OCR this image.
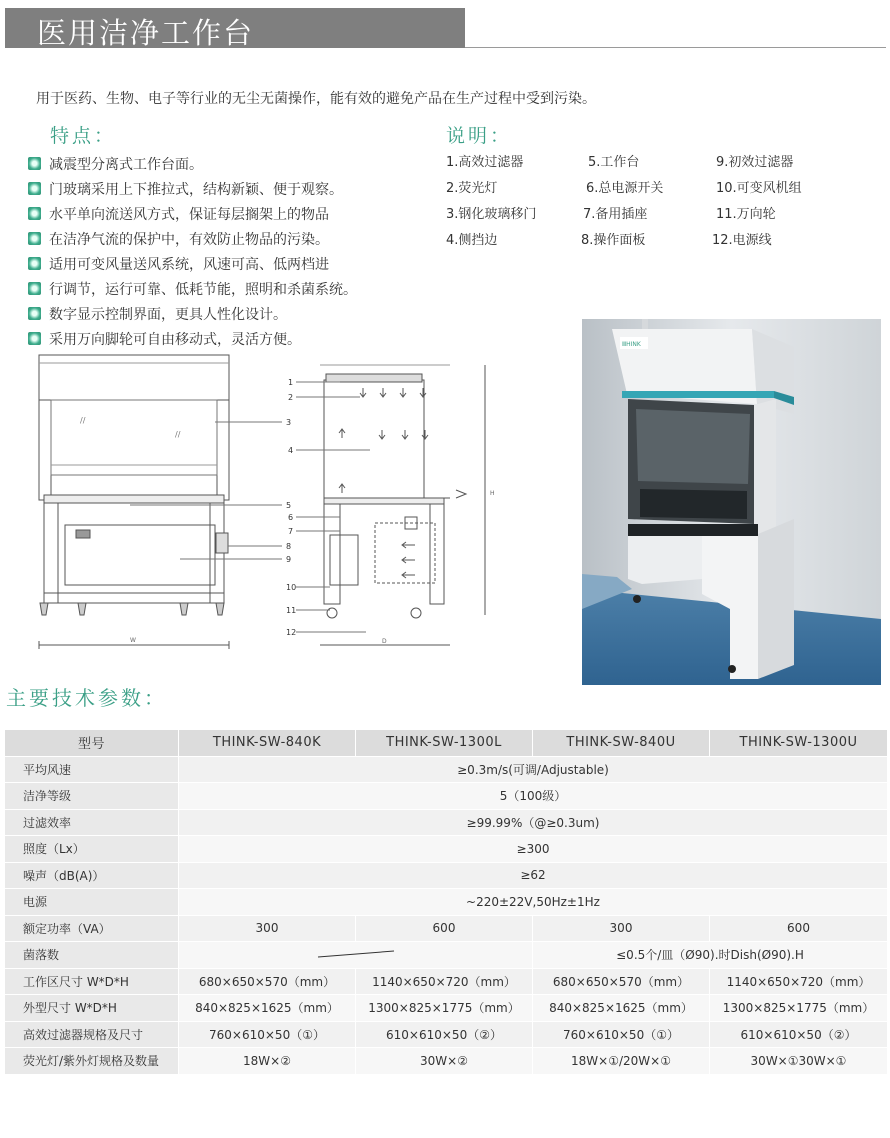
医用洁净工作台
用于医药、生物、电子等行业的无尘无菌操作，能有效的避免产品在生产过程中受到污染。
特点：
减震型分离式工作台面。
门玻璃采用上下推拉式，结构新颖、便于观察。
水平单向流送风方式，保证每层搁架上的物品
在洁净气流的保护中，有效防止物品的污染。
适用可变风量送风系统，风速可高、低两档进
行调节，运行可靠、低耗节能，照明和杀菌系统。
数字显示控制界面，更具人性化设计。
采用万向脚轮可自由移动式，灵活方便。
说明：
1.高效过滤器	5.工作台	9.初效过滤器
2.荧光灯	6.总电源开关	10.可变风机组
3.钢化玻璃移门	7.备用插座	11.万向轮
4.侧挡边	8.操作面板	12.电源线
//
//
W
H
D
1
2
3
4
5
6
7
8
9
10
11
12
ⅢHINK
主要技术参数：
型号	THINK-SW-840K	THINK-SW-1300L	THINK-SW-840U	THINK-SW-1300U
平均风速	≥0.3m/s(可调/Adjustable)			
洁净等级	5（100级）			
过滤效率	≥99.99%（@≥0.3um)			
照度（Lx）	≥300			
噪声（dB(A)）	≥62			
电源	~220±22V,50Hz±1Hz			
额定功率（VA）	300	600	300	600
菌落数			≤0.5个/皿（Ø90).时Dish(Ø90).H	
工作区尺寸 W*D*H	680×650×570（mm）	1140×650×720（mm）	680×650×570（mm）	1140×650×720（mm）
外型尺寸 W*D*H	840×825×1625（mm）	1300×825×1775（mm）	840×825×1625（mm）	1300×825×1775（mm）
高效过滤器规格及尺寸	760×610×50（①）	610×610×50（②）	760×610×50（①）	610×610×50（②）
荧光灯/紫外灯规格及数量	18W×②	30W×②	18W×①/20W×①	30W×①30W×①
